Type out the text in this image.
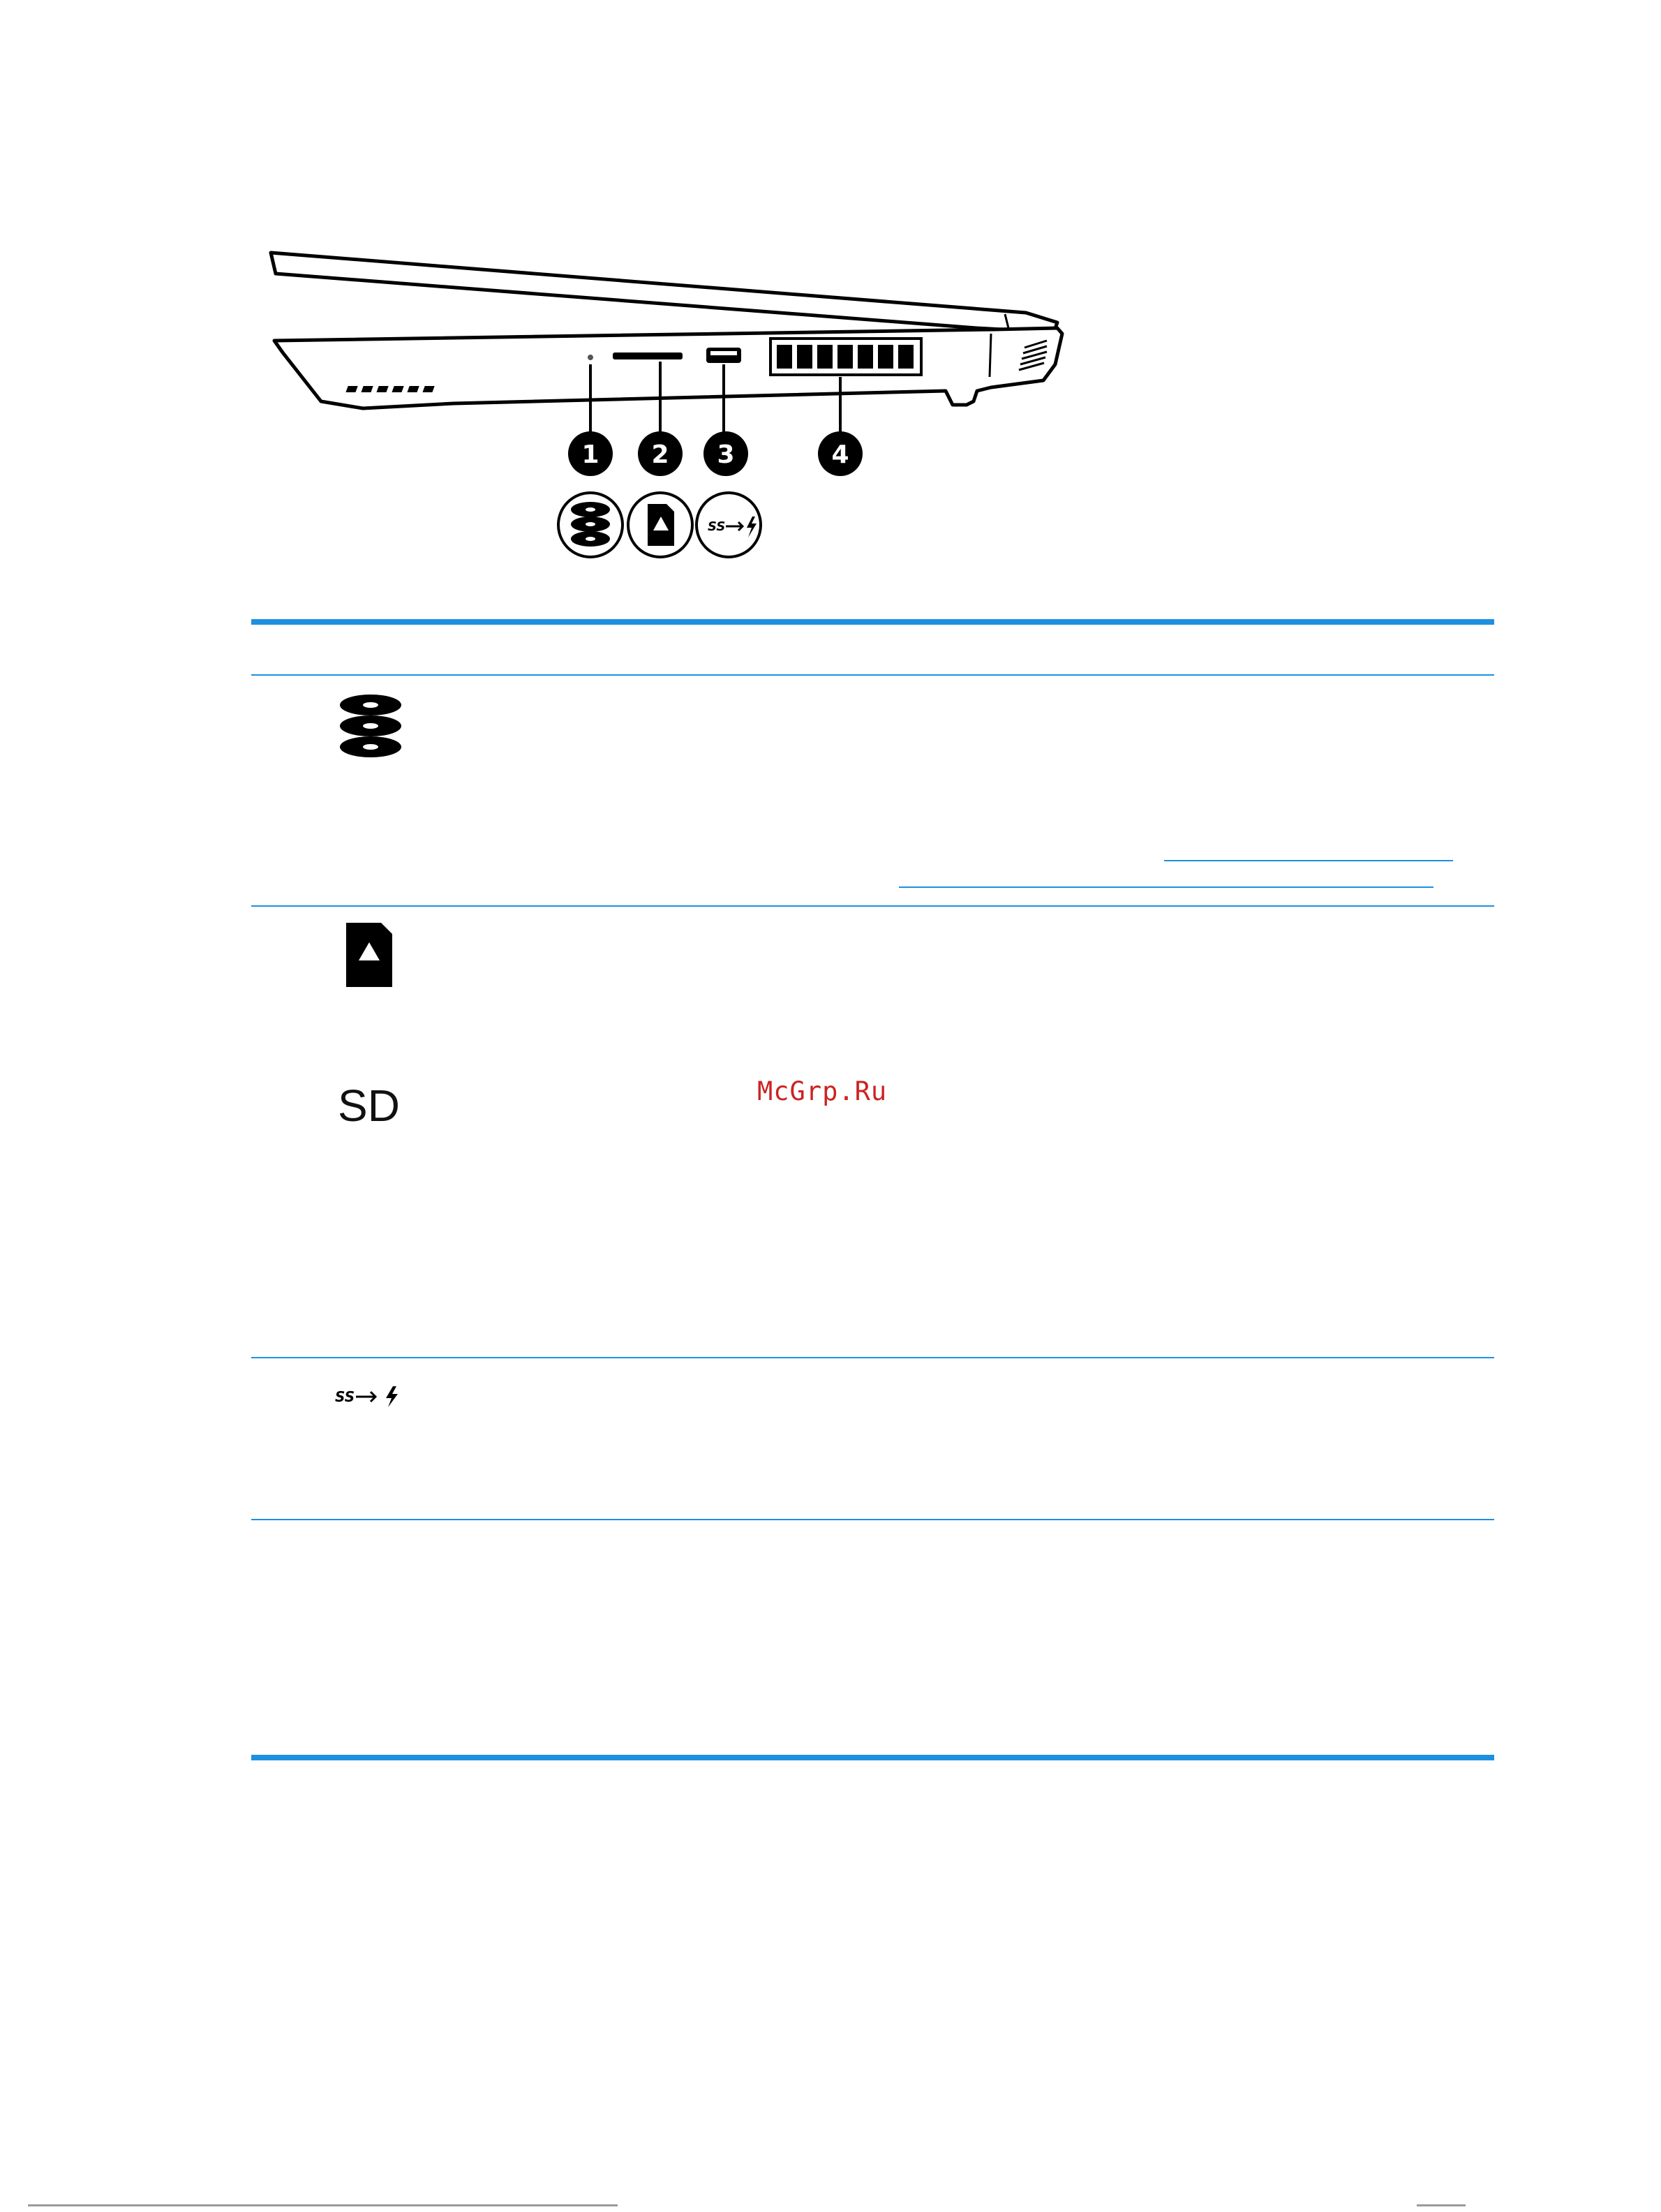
1 2 3	4
SS
SD
SS
McGrp.Ru
